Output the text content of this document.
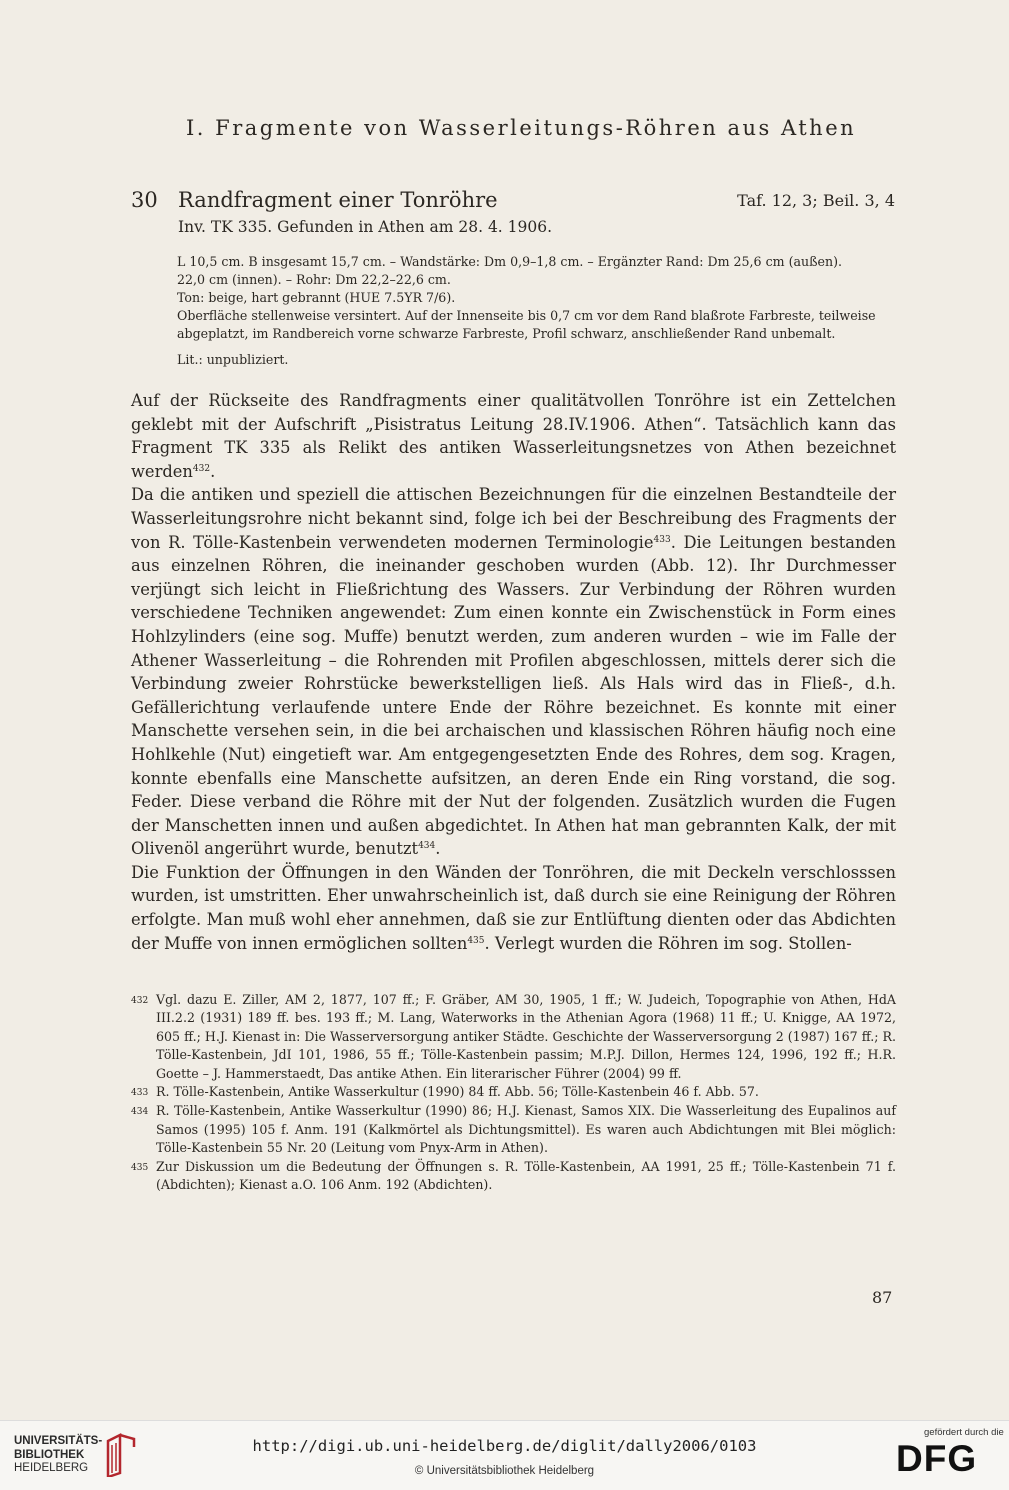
I. Fragmente von Wasserleitungs-Röhren aus Athen
30 Randfragment einer Tonröhre	Taf. 12, 3; Beil. 3, 4
Inv. TK 335. Gefunden in Athen am 28. 4. 1906.

L 10,5 cm. B insgesamt 15,7 cm. – Wandstärke: Dm 0,9–1,8 cm. – Ergänzter Rand: Dm 25,6 cm (außen).

22,0 cm (innen). – Rohr: Dm 22,2–22,6 cm.

Ton: beige, hart gebrannt (HUE 7.5YR 7/6).

Oberfläche stellenweise versintert. Auf der Innenseite bis 0,7 cm vor dem Rand blaßrote Farbreste, teilweise abgeplatzt, im Randbereich vorne schwarze Farbreste, Profil schwarz, anschließender Rand unbemalt.

Lit.: unpubliziert.

Auf der Rückseite des Randfragments einer qualitätvollen Tonröhre ist ein Zettelchen geklebt mit der Aufschrift „Pisistratus Leitung 28.IV.1906. Athen“. Tatsächlich kann das Fragment TK 335 als Relikt des antiken Wasserleitungsnetzes von Athen bezeichnet werden$^{432}$.

Da die antiken und speziell die attischen Bezeichnungen für die einzelnen Bestandteile der Wasserleitungsrohre nicht bekannt sind, folge ich bei der Beschreibung des Fragments der von R. Tölle-Kastenbein verwendeten modernen Terminologie$^{433}$. Die Leitungen bestanden aus einzelnen Röhren, die ineinander geschoben wurden (Abb. 12). Ihr Durchmesser verjüngt sich leicht in Fließrichtung des Wassers. Zur Verbindung der Röhren wurden verschiedene Techniken angewendet: Zum einen konnte ein Zwischenstück in Form eines Hohlzylinders (eine sog. Muffe) benutzt werden, zum anderen wurden – wie im Falle der Athener Wasserleitung – die Rohrenden mit Profilen abgeschlossen, mittels derer sich die Verbindung zweier Rohrstücke bewerkstelligen ließ. Als Hals wird das in Fließ-, d.h. Gefällerichtung verlaufende untere Ende der Röhre bezeichnet. Es konnte mit einer Manschette versehen sein, in die bei archaischen und klassischen Röhren häufig noch eine Hohlkehle (Nut) eingetieft war. Am entgegengesetzten Ende des Rohres, dem sog. Kragen, konnte ebenfalls eine Manschette aufsitzen, an deren Ende ein Ring vorstand, die sog. Feder. Diese verband die Röhre mit der Nut der folgenden. Zusätzlich wurden die Fugen der Manschetten innen und außen abgedichtet. In Athen hat man gebrannten Kalk, der mit Olivenöl angerührt wurde, benutzt$^{434}$.

Die Funktion der Öffnungen in den Wänden der Tonröhren, die mit Deckeln verschlosssen wurden, ist umstritten. Eher unwahrscheinlich ist, daß durch sie eine Reinigung der Röhren erfolgte. Man muß wohl eher annehmen, daß sie zur Entlüftung dienten oder das Abdichten der Muffe von innen ermöglichen sollten$^{435}$. Verlegt wurden die Röhren im sog. Stollen-

432 Vgl. dazu E. Ziller, AM 2, 1877, 107 ff.; F. Gräber, AM 30, 1905, 1 ff.; W. Judeich, Topographie von Athen, HdA III.2.2 (1931) 189 ff. bes. 193 ff.; M. Lang, Waterworks in the Athenian Agora (1968) 11 ff.; U. Knigge, AA 1972, 605 ff.; H.J. Kienast in: Die Wasserversorgung antiker Städte. Geschichte der Wasserversorgung 2 (1987) 167 ff.; R. Tölle-Kastenbein, JdI 101, 1986, 55 ff.; Tölle-Kastenbein passim; M.P.J. Dillon, Hermes 124, 1996, 192 ff.; H.R. Goette – J. Hammerstaedt, Das antike Athen. Ein literarischer Führer (2004) 99 ff.
433 R. Tölle-Kastenbein, Antike Wasserkultur (1990) 84 ff. Abb. 56; Tölle-Kastenbein 46 f. Abb. 57.
434 R. Tölle-Kastenbein, Antike Wasserkultur (1990) 86; H.J. Kienast, Samos XIX. Die Wasserleitung des Eupalinos auf Samos (1995) 105 f. Anm. 191 (Kalkmörtel als Dichtungsmittel). Es waren auch Abdichtungen mit Blei möglich: Tölle-Kastenbein 55 Nr. 20 (Leitung vom Pnyx-Arm in Athen).
435 Zur Diskussion um die Bedeutung der Öffnungen s. R. Tölle-Kastenbein, AA 1991, 25 ff.; Tölle-Kastenbein 71 f. (Abdichten); Kienast a.O. 106 Anm. 192 (Abdichten).
87
UNIVERSITÄTS-
BIBLIOTHEK
HEIDELBERG
http://digi.ub.uni-heidelberg.de/diglit/dally2006/0103
© Universitätsbibliothek Heidelberg
gefördert durch die
DFG
